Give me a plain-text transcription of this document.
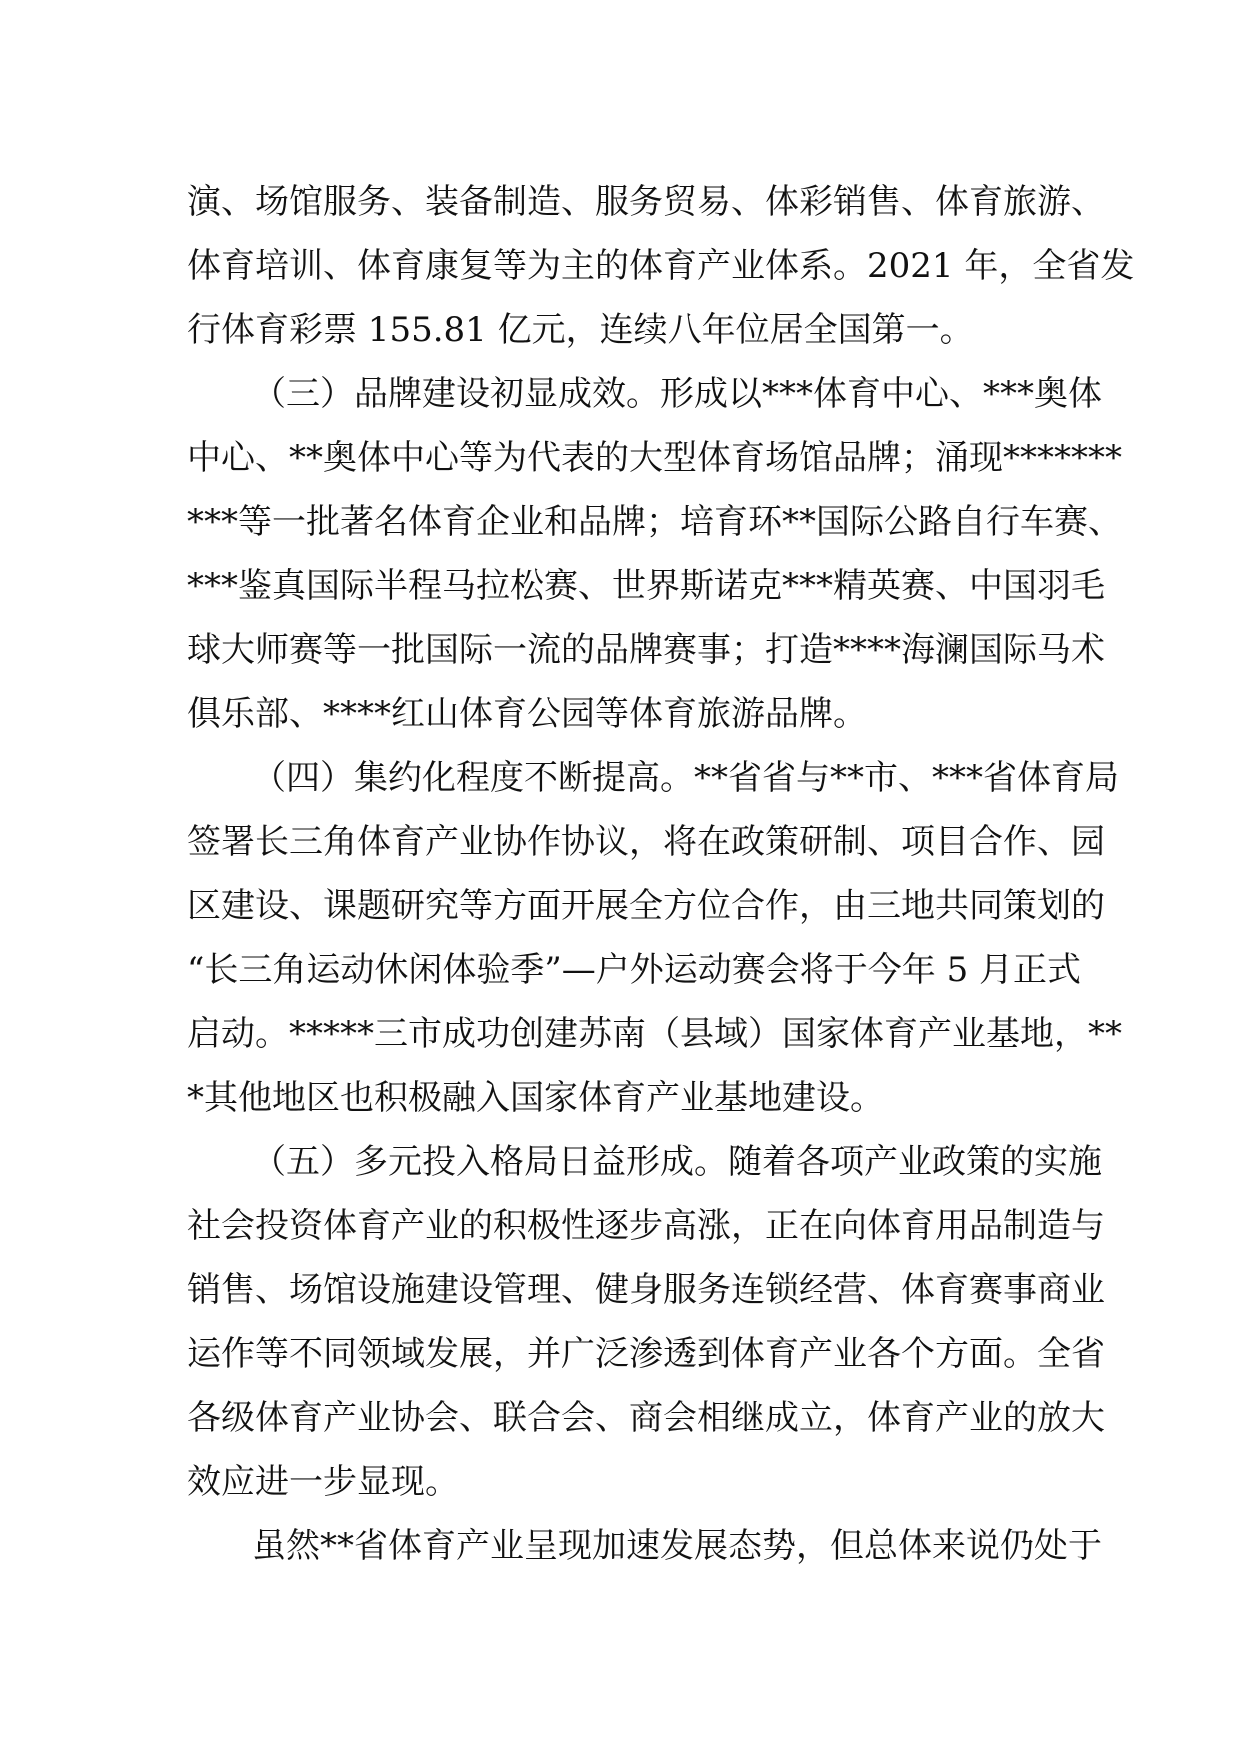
演、场馆服务、装备制造、服务贸易、体彩销售、体育旅游、
体育培训、体育康复等为主的体育产业体系。2021 年，全省发
行体育彩票 155.81 亿元，连续八年位居全国第一。
（三）品牌建设初显成效。形成以***体育中心、***奥体
中心、**奥体中心等为代表的大型体育场馆品牌；涌现*******
***等一批著名体育企业和品牌；培育环**国际公路自行车赛、
***鉴真国际半程马拉松赛、世界斯诺克***精英赛、中国羽毛
球大师赛等一批国际一流的品牌赛事；打造****海澜国际马术
俱乐部、****红山体育公园等体育旅游品牌。
（四）集约化程度不断提高。**省省与**市、***省体育局
签署长三角体育产业协作协议，将在政策研制、项目合作、园
区建设、课题研究等方面开展全方位合作，由三地共同策划的
“长三角运动休闲体验季”—户外运动赛会将于今年 5 月正式
启动。*****三市成功创建苏南（县域）国家体育产业基地，**
*其他地区也积极融入国家体育产业基地建设。
（五）多元投入格局日益形成。随着各项产业政策的实施
社会投资体育产业的积极性逐步高涨，正在向体育用品制造与
销售、场馆设施建设管理、健身服务连锁经营、体育赛事商业
运作等不同领域发展，并广泛渗透到体育产业各个方面。全省
各级体育产业协会、联合会、商会相继成立，体育产业的放大
效应进一步显现。
虽然**省体育产业呈现加速发展态势，但总体来说仍处于
